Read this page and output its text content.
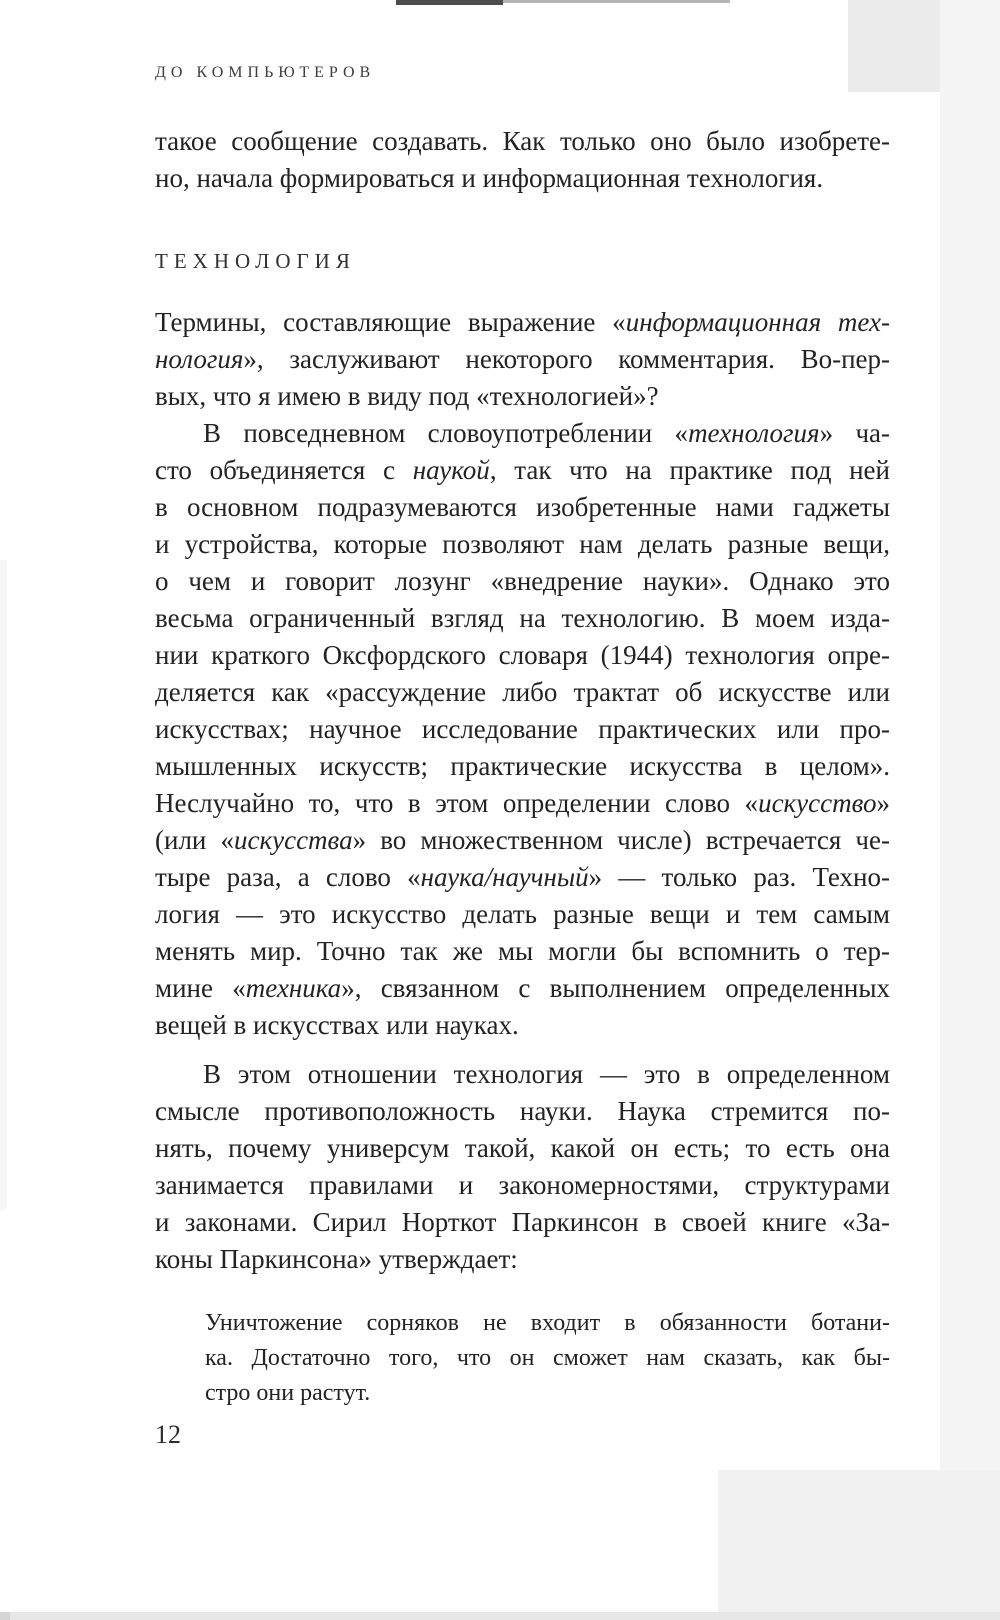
ДО КОМПЬЮТЕРОВ
такое сообщение создавать. Как только оно было изобрете-
но, начала формироваться и информационная технология.
ТЕХНОЛОГИЯ
Термины, составляющие выражение «информационная тех-
нология», заслуживают некоторого комментария. Во-пер-
вых, что я имею в виду под «технологией»?
В повседневном словоупотреблении «технология» ча-
сто объединяется с наукой, так что на практике под ней
в основном подразумеваются изобретенные нами гаджеты
и устройства, которые позволяют нам делать разные вещи,
о чем и говорит лозунг «внедрение науки». Однако это
весьма ограниченный взгляд на технологию. В моем изда-
нии краткого Оксфордского словаря (1944) технология опре-
деляется как «рассуждение либо трактат об искусстве или
искусствах; научное исследование практических или про-
мышленных искусств; практические искусства в целом».
Неслучайно то, что в этом определении слово «искусство»
(или «искусства» во множественном числе) встречается че-
тыре раза, а слово «наука/научный» — только раз. Техно-
логия — это искусство делать разные вещи и тем самым
менять мир. Точно так же мы могли бы вспомнить о тер-
мине «техника», связанном с выполнением определенных
вещей в искусствах или науках.
В этом отношении технология — это в определенном
смысле противоположность науки. Наука стремится по-
нять, почему универсум такой, какой он есть; то есть она
занимается правилами и закономерностями, структурами
и законами. Сирил Норткот Паркинсон в своей книге «За-
коны Паркинсона» утверждает:
Уничтожение сорняков не входит в обязанности ботани-
ка. Достаточно того, что он сможет нам сказать, как бы-
стро они растут.
12
